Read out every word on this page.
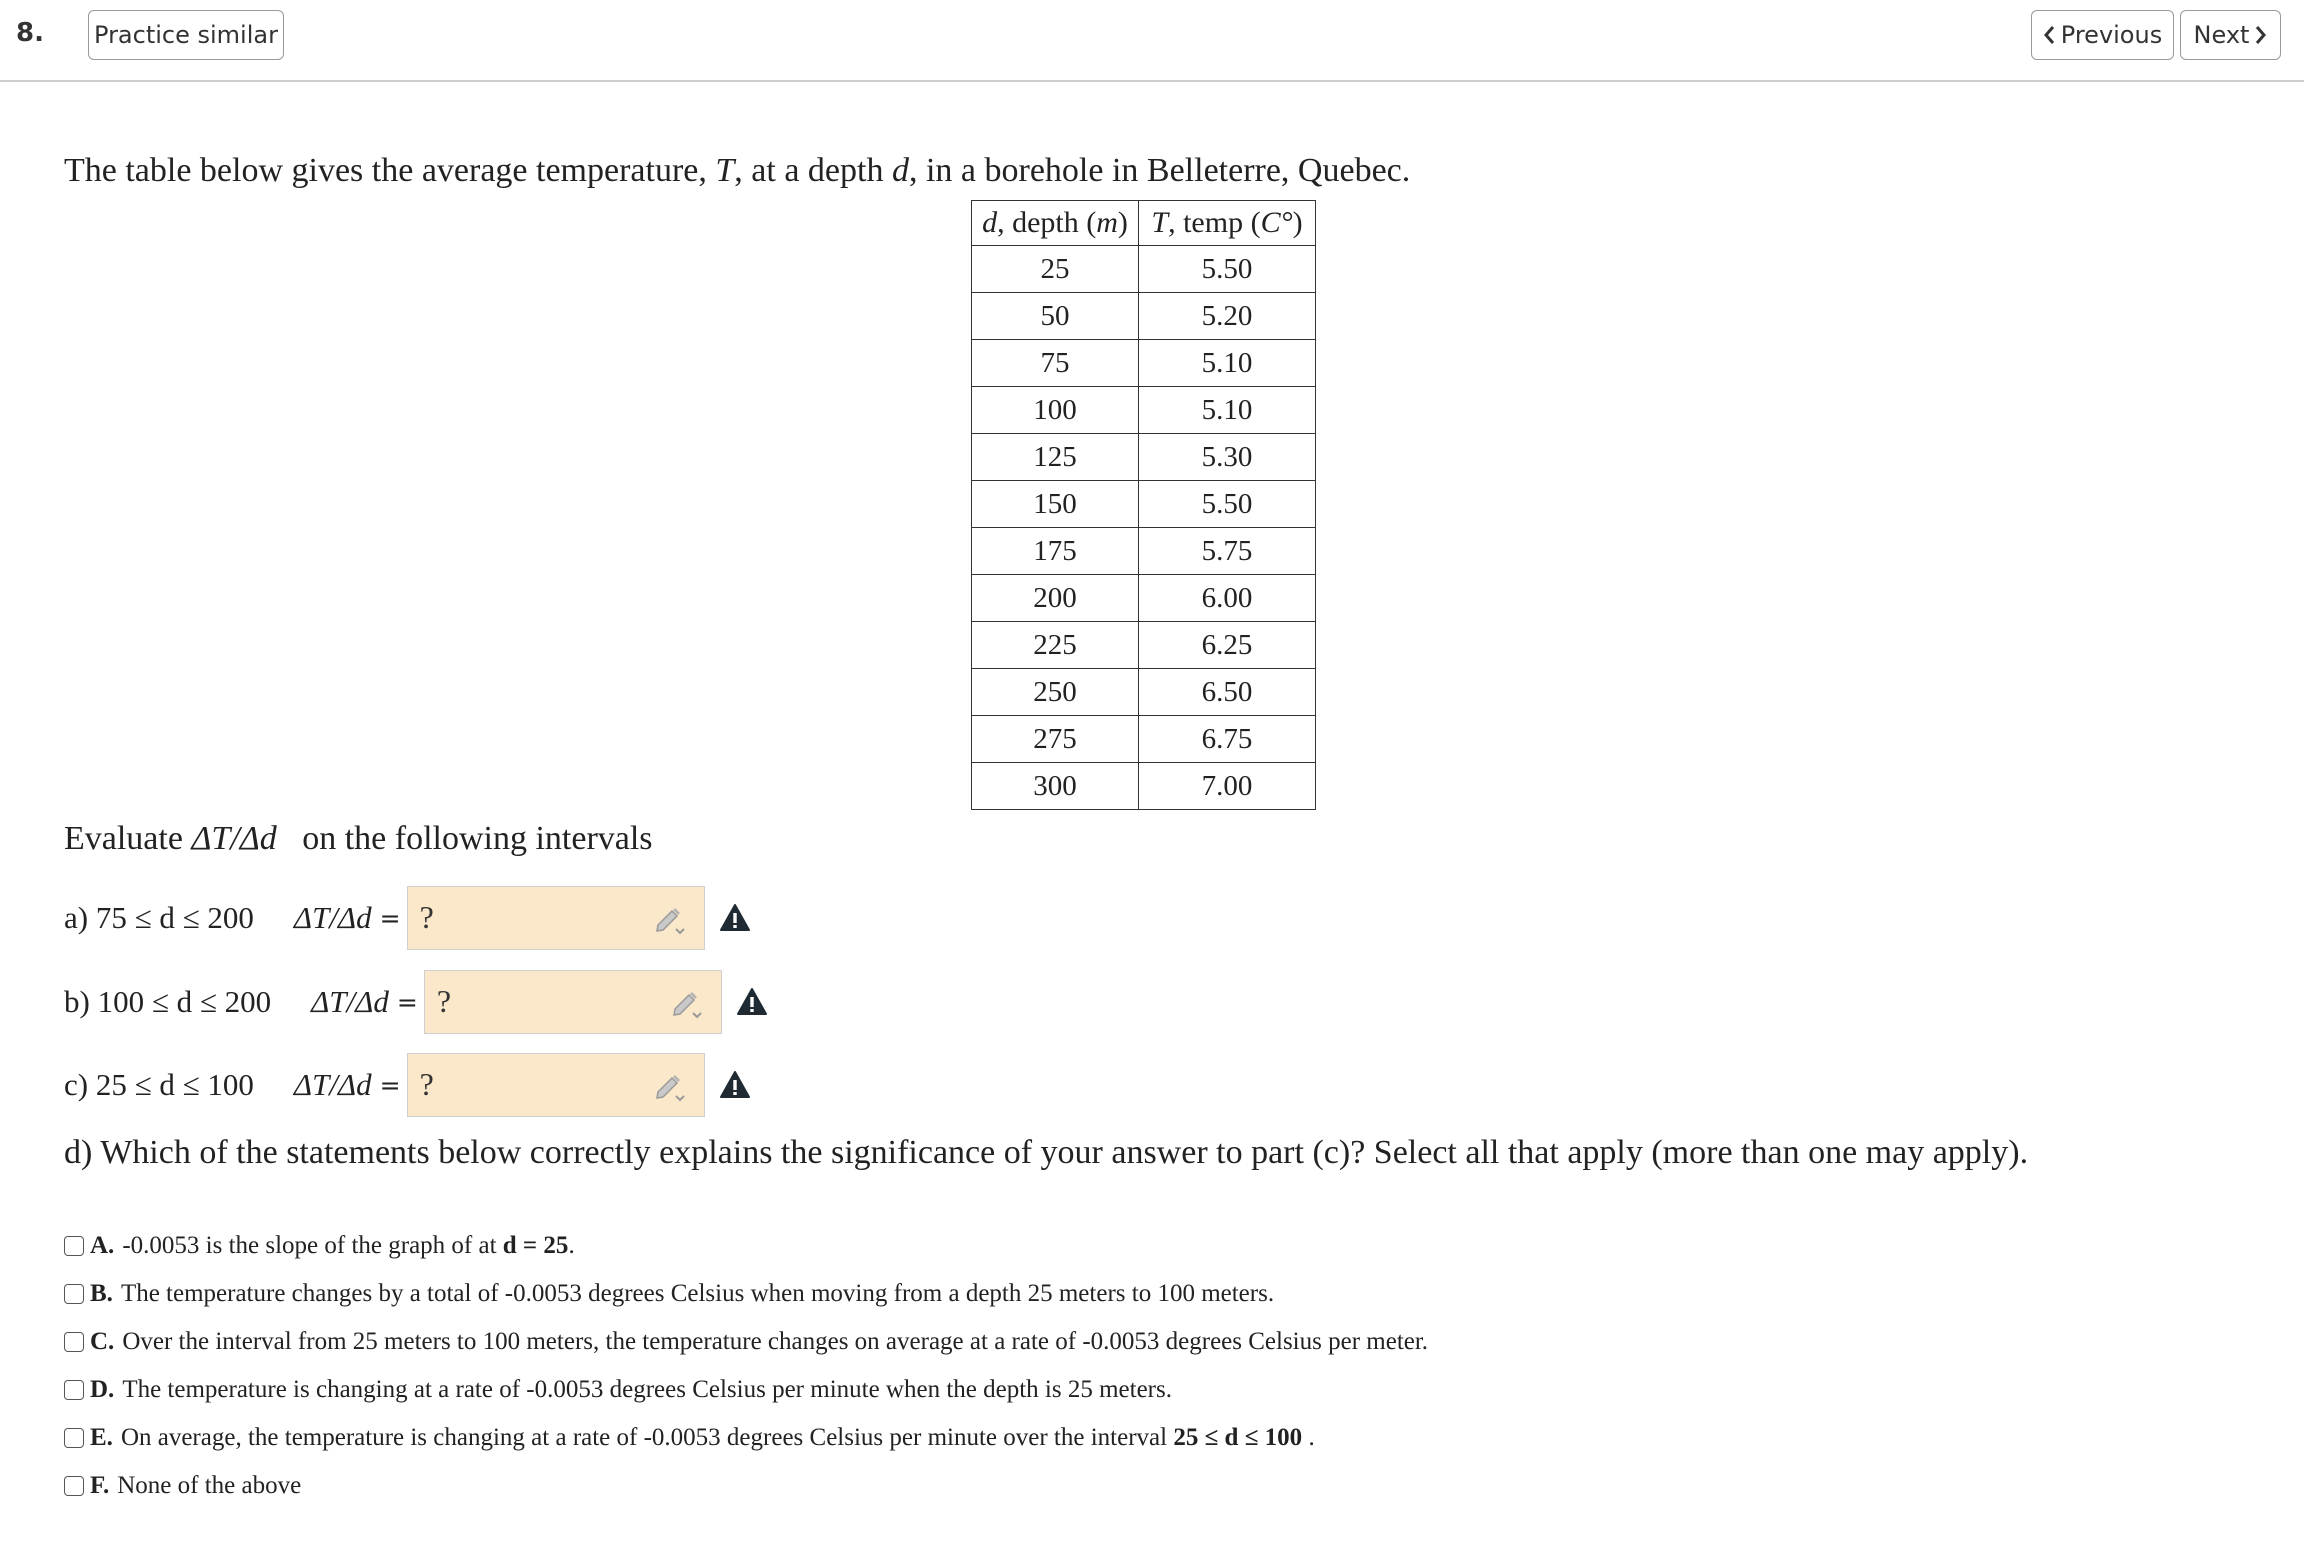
8. Practice similar	Previous Next
The table below gives the average temperature, T, at a depth d, in a borehole in Belleterre, Quebec.
d, depth (m)	T, temp (C°)
25	5.50
50	5.20
75	5.10
100	5.10
125	5.30
150	5.50
175	5.75
200	6.00
225	6.25
250	6.50
275	6.75
300	7.00
Evaluate ΔT/Δd on the following intervals
a) 75 ≤ d ≤ 200 ΔT/Δd = ?
b) 100 ≤ d ≤ 200 ΔT/Δd = ?
c) 25 ≤ d ≤ 100 ΔT/Δd = ?
d) Which of the statements below correctly explains the significance of your answer to part (c)? Select all that apply (more than one may apply).
A. -0.0053 is the slope of the graph of at d = 25 .
B. The temperature changes by a total of -0.0053 degrees Celsius when moving from a depth 25 meters to 100 meters.
C. Over the interval from 25 meters to 100 meters, the temperature changes on average at a rate of -0.0053 degrees Celsius per meter.
D. The temperature is changing at a rate of -0.0053 degrees Celsius per minute when the depth is 25 meters.
E. On average, the temperature is changing at a rate of -0.0053 degrees Celsius per minute over the interval 25 ≤ d ≤ 100 .
F. None of the above
